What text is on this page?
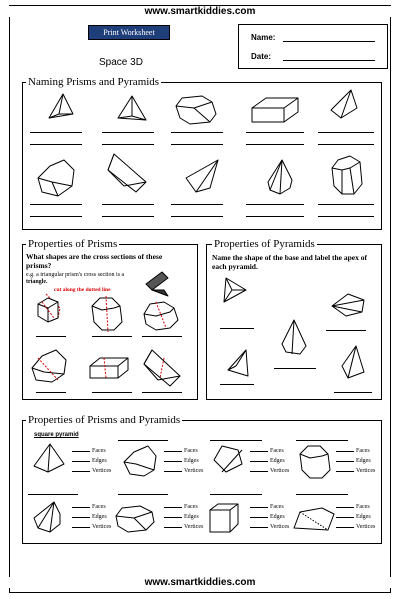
www.smartkiddies.com
Print Worksheet
Name:
Date:
Space 3D
Naming Prisms and Pyramids
Properties of Prisms
What shapes are the cross sections of these prisms?
e.g. a triangular prism's cross section is a triangle.
cut along the dotted line
Properties of Pyramids
Name the shape of the base and label the apex of each pyramid.
Properties of Prisms and Pyramids
square pyramid
Faces
Edges
Vertices
Faces
Edges
Vertices
Faces
Edges
Vertices
Faces
Edges
Vertices
Faces
Edges
Vertices
Faces
Edges
Vertices
Faces
Edges
Vertices
Faces
Edges
Vertices
www.smartkiddies.com
